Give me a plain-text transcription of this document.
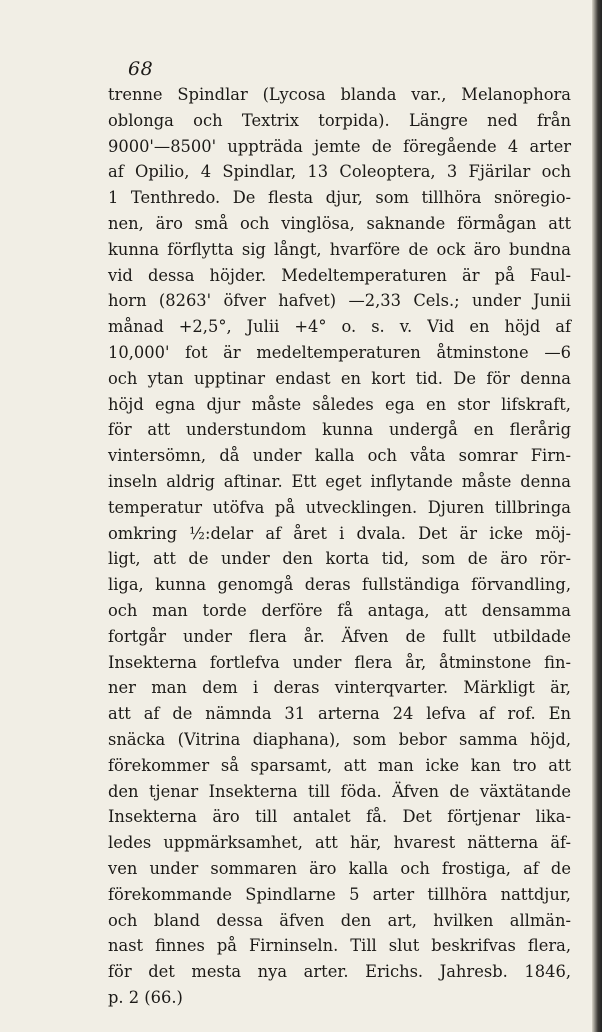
68
trenne Spindlar (Lycosa blanda var., Melanophora
oblonga och Textrix torpida). Längre ned från
9000'—8500' uppträda jemte de föregående 4 arter
af Opilio, 4 Spindlar, 13 Coleoptera, 3 Fjärilar och
1 Tenthredo. De flesta djur, som tillhöra snöregio-
nen, äro små och vinglösa, saknande förmågan att
kunna förflytta sig långt, hvarföre de ock äro bundna
vid dessa höjder. Medeltemperaturen är på Faul-
horn (8263' öfver hafvet) —2,33 Cels.; under Junii
månad +2,5°, Julii +4° o. s. v. Vid en höjd af
10,000' fot är medeltemperaturen åtminstone —6
och ytan upptinar endast en kort tid. De för denna
höjd egna djur måste således ega en stor lifskraft,
för att understundom kunna undergå en flerårig
vintersömn, då under kalla och våta somrar Firn-
inseln aldrig aftinar. Ett eget inflytande måste denna
temperatur utöfva på utvecklingen. Djuren tillbringa
omkring ½:delar af året i dvala. Det är icke möj-
ligt, att de under den korta tid, som de äro rör-
liga, kunna genomgå deras fullständiga förvandling,
och man torde derföre få antaga, att densamma
fortgår under flera år. Äfven de fullt utbildade
Insekterna fortlefva under flera år, åtminstone fin-
ner man dem i deras vinterqvarter. Märkligt är,
att af de nämnda 31 arterna 24 lefva af rof. En
snäcka (Vitrina diaphana), som bebor samma höjd,
förekommer så sparsamt, att man icke kan tro att
den tjenar Insekterna till föda. Äfven de växtätande
Insekterna äro till antalet få. Det förtjenar lika-
ledes uppmärksamhet, att här, hvarest nätterna äf-
ven under sommaren äro kalla och frostiga, af de
förekommande Spindlarne 5 arter tillhöra nattdjur,
och bland dessa äfven den art, hvilken allmän-
nast finnes på Firninseln. Till slut beskrifvas flera,
för det mesta nya arter. Erichs. Jahresb. 1846,
p. 2 (66.)
